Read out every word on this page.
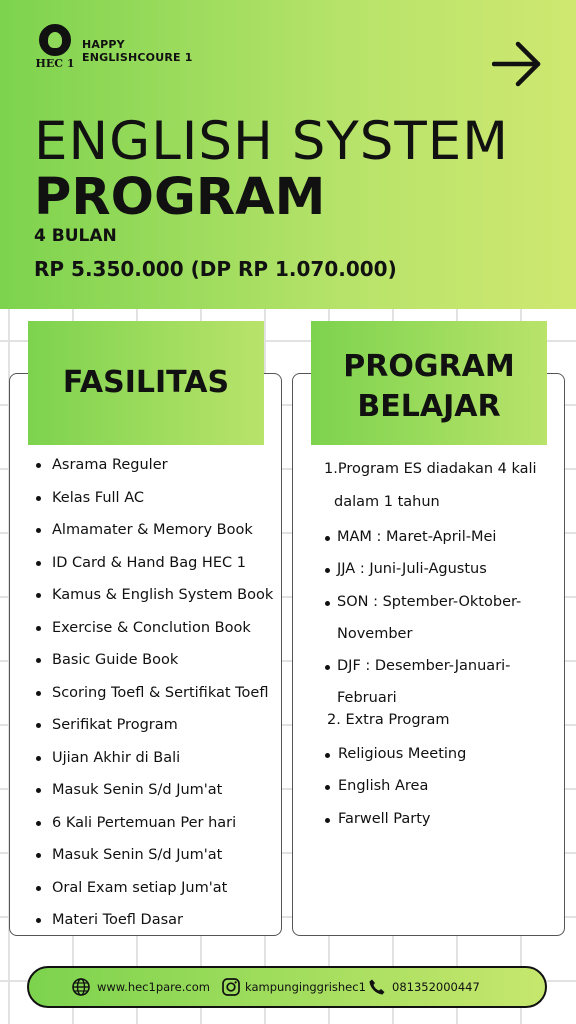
HEC 1
HAPPY
ENGLISHCOURE 1
ENGLISH SYSTEM
PROGRAM
4 BULAN
RP 5.350.000 (DP RP 1.070.000)
FASILITAS	PROGRAM
BELAJAR
Asrama Reguler
Kelas Full AC
Almamater & Memory Book
ID Card & Hand Bag HEC 1
Kamus & English System Book
Exercise & Conclution Book
Basic Guide Book
Scoring Toefl & Sertifikat Toefl
Serifikat Program
Ujian Akhir di Bali
Masuk Senin S/d Jum'at
6 Kali Pertemuan Per hari
Masuk Senin S/d Jum'at
Oral Exam setiap Jum'at
Materi Toefl Dasar
1.Program ES diadakan 4 kali
dalam 1 tahun
MAM : Maret-April-Mei
JJA : Juni-Juli-Agustus
SON : Sptember-Oktober-
November
DJF : Desember-Januari-
Februari
2. Extra Program
Religious Meeting
English Area
Farwell Party
www.hec1pare.com	kampunginggrishec1 081352000447
